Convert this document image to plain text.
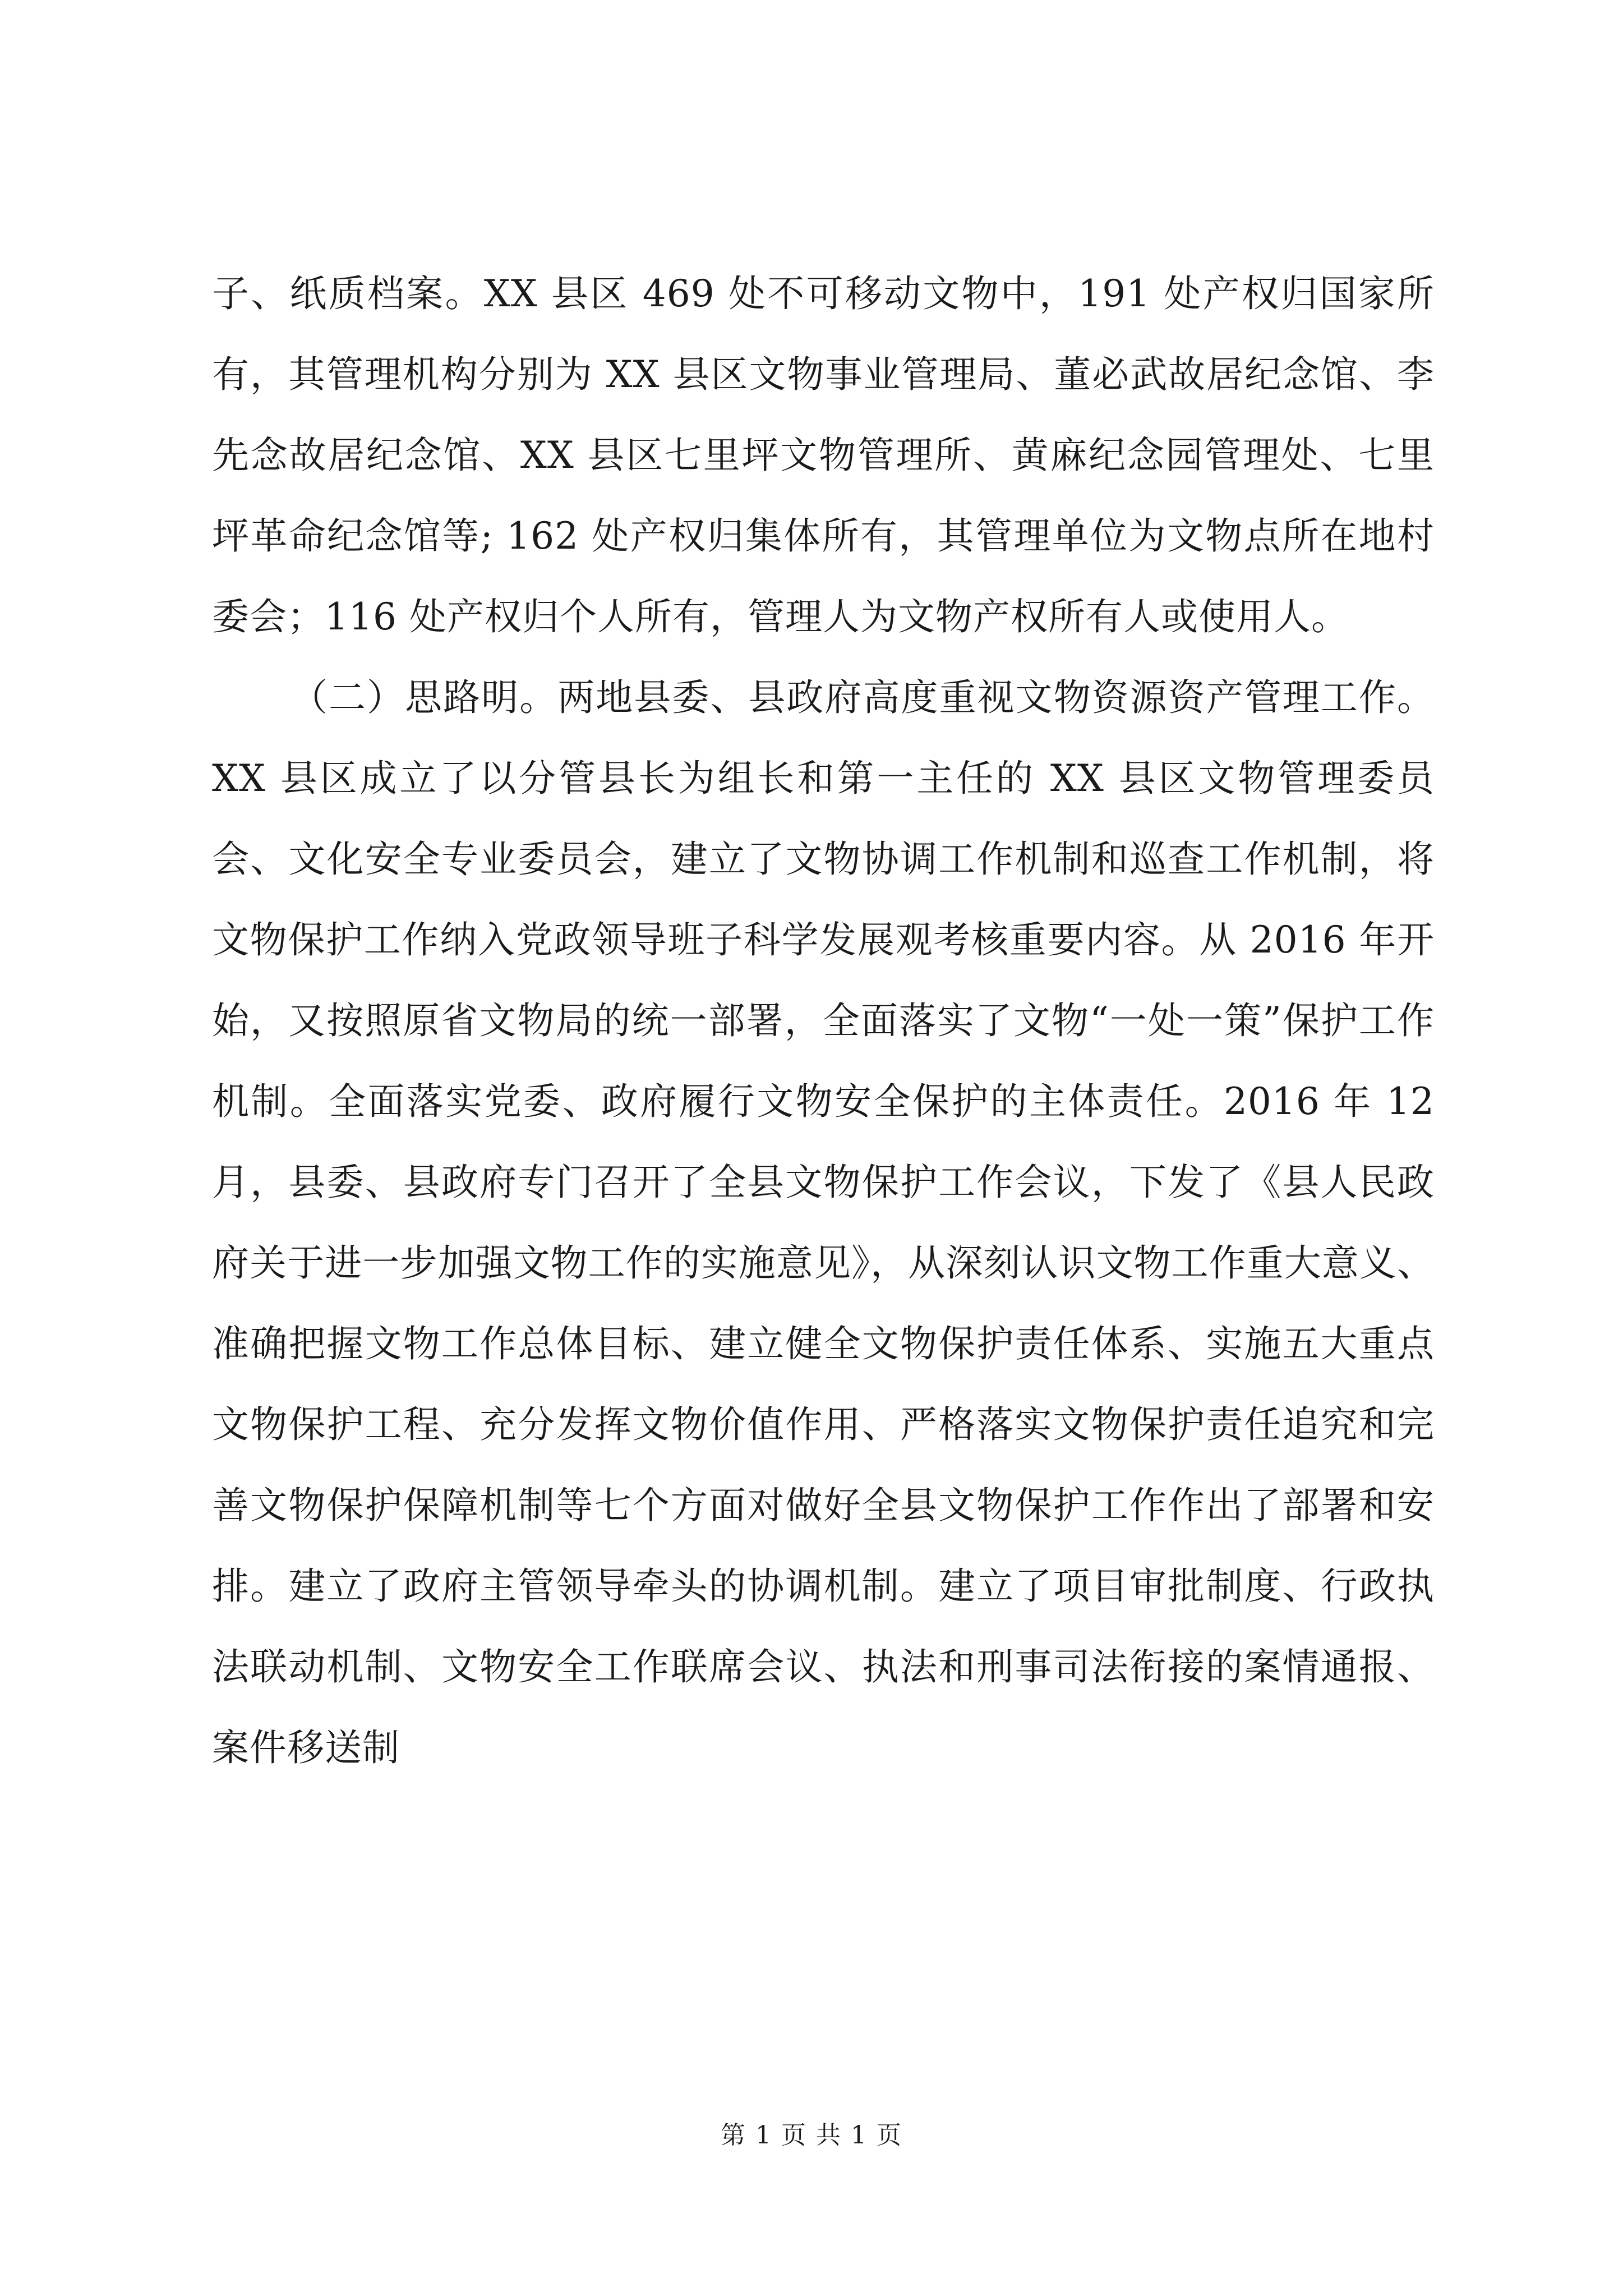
子、纸质档案。XX 县区 469 处不可移动文物中，191 处产权归国家所有，其管理机构分别为 XX 县区文物事业管理局、董必武故居纪念馆、李先念故居纪念馆、XX 县区七里坪文物管理所、黄麻纪念园管理处、七里坪革命纪念馆等; 162 处产权归集体所有，其管理单位为文物点所在地村委会；116 处产权归个人所有，管理人为文物产权所有人或使用人。

（二）思路明。两地县委、县政府高度重视文物资源资产管理工作。XX 县区成立了以分管县长为组长和第一主任的 XX 县区文物管理委员会、文化安全专业委员会，建立了文物协调工作机制和巡查工作机制，将文物保护工作纳入党政领导班子科学发展观考核重要内容。从 2016 年开始，又按照原省文物局的统一部署，全面落实了文物“一处一策”保护工作机制。全面落实党委、政府履行文物安全保护的主体责任。2016 年 12 月，县委、县政府专门召开了全县文物保护工作会议，下发了《县人民政府关于进一步加强文物工作的实施意见》，从深刻认识文物工作重大意义、准确把握文物工作总体目标、建立健全文物保护责任体系、实施五大重点文物保护工程、充分发挥文物价值作用、严格落实文物保护责任追究和完善文物保护保障机制等七个方面对做好全县文物保护工作作出了部署和安排。建立了政府主管领导牵头的协调机制。建立了项目审批制度、行政执法联动机制、文物安全工作联席会议、执法和刑事司法衔接的案情通报、案件移送制

第 1 页 共 1 页
